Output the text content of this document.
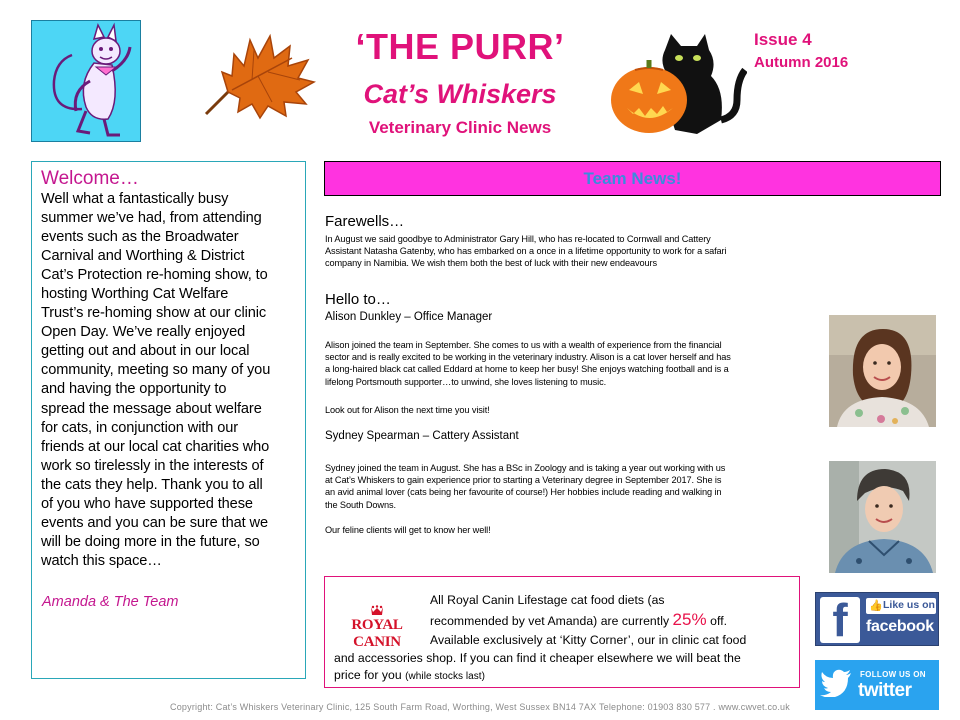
‘THE PURR’
Cat’s Whiskers
Veterinary Clinic News
Issue 4
Autumn 2016
Welcome…
Well what a fantastically busy
summer we’ve had, from attending
events such as the Broadwater
Carnival and Worthing & District
Cat’s Protection re-homing show, to
hosting Worthing Cat Welfare
Trust’s re-homing show at our clinic
Open Day. We’ve really enjoyed
getting out and about in our local
community, meeting so many of you
and having the opportunity to
spread the message about welfare
for cats, in conjunction with our
friends at our local cat charities who
work so tirelessly in the interests of
the cats they help. Thank you to all
of you who have supported these
events and you can be sure that we
will be doing more in the future, so
watch this space…
Amanda & The Team
Team News!
Farewells…
In August we said goodbye to Administrator Gary Hill, who has re-located to Cornwall and Cattery
Assistant Natasha Gatenby, who has embarked on a once in a lifetime opportunity to work for a safari
company in Namibia. We wish them both the best of luck with their new endeavours
Hello to…
Alison Dunkley – Office Manager
Alison joined the team in September. She comes to us with a wealth of experience from the financial
sector and is really excited to be working in the veterinary industry. Alison is a cat lover herself and has
a long-haired black cat called Eddard at home to keep her busy! She enjoys watching football and is a
lifelong Portsmouth supporter…to unwind, she loves listening to music.
Look out for Alison the next time you visit!
Sydney Spearman – Cattery Assistant
Sydney joined the team in August. She has a BSc in Zoology and is taking a year out working with us
at Cat’s Whiskers to gain experience prior to starting a Veterinary degree in September 2017. She is
an avid animal lover (cats being her favourite of course!) Her hobbies include reading and walking in
the South Downs.
Our feline clients will get to know her well!
ROYAL CANIN
All Royal Canin Lifestage cat food diets (as
recommended by vet Amanda) are currently 25% off.
Available exclusively at ‘Kitty Corner’, our in clinic cat food
and accessories shop. If you can find it cheaper elsewhere we will beat the
price for you (while stocks last)
f	👍 Like us on
facebook
FOLLOW US ON
twitter
Copyright: Cat’s Whiskers Veterinary Clinic, 125 South Farm Road, Worthing, West Sussex BN14 7AX Telephone: 01903 830 577 . www.cwvet.co.uk
